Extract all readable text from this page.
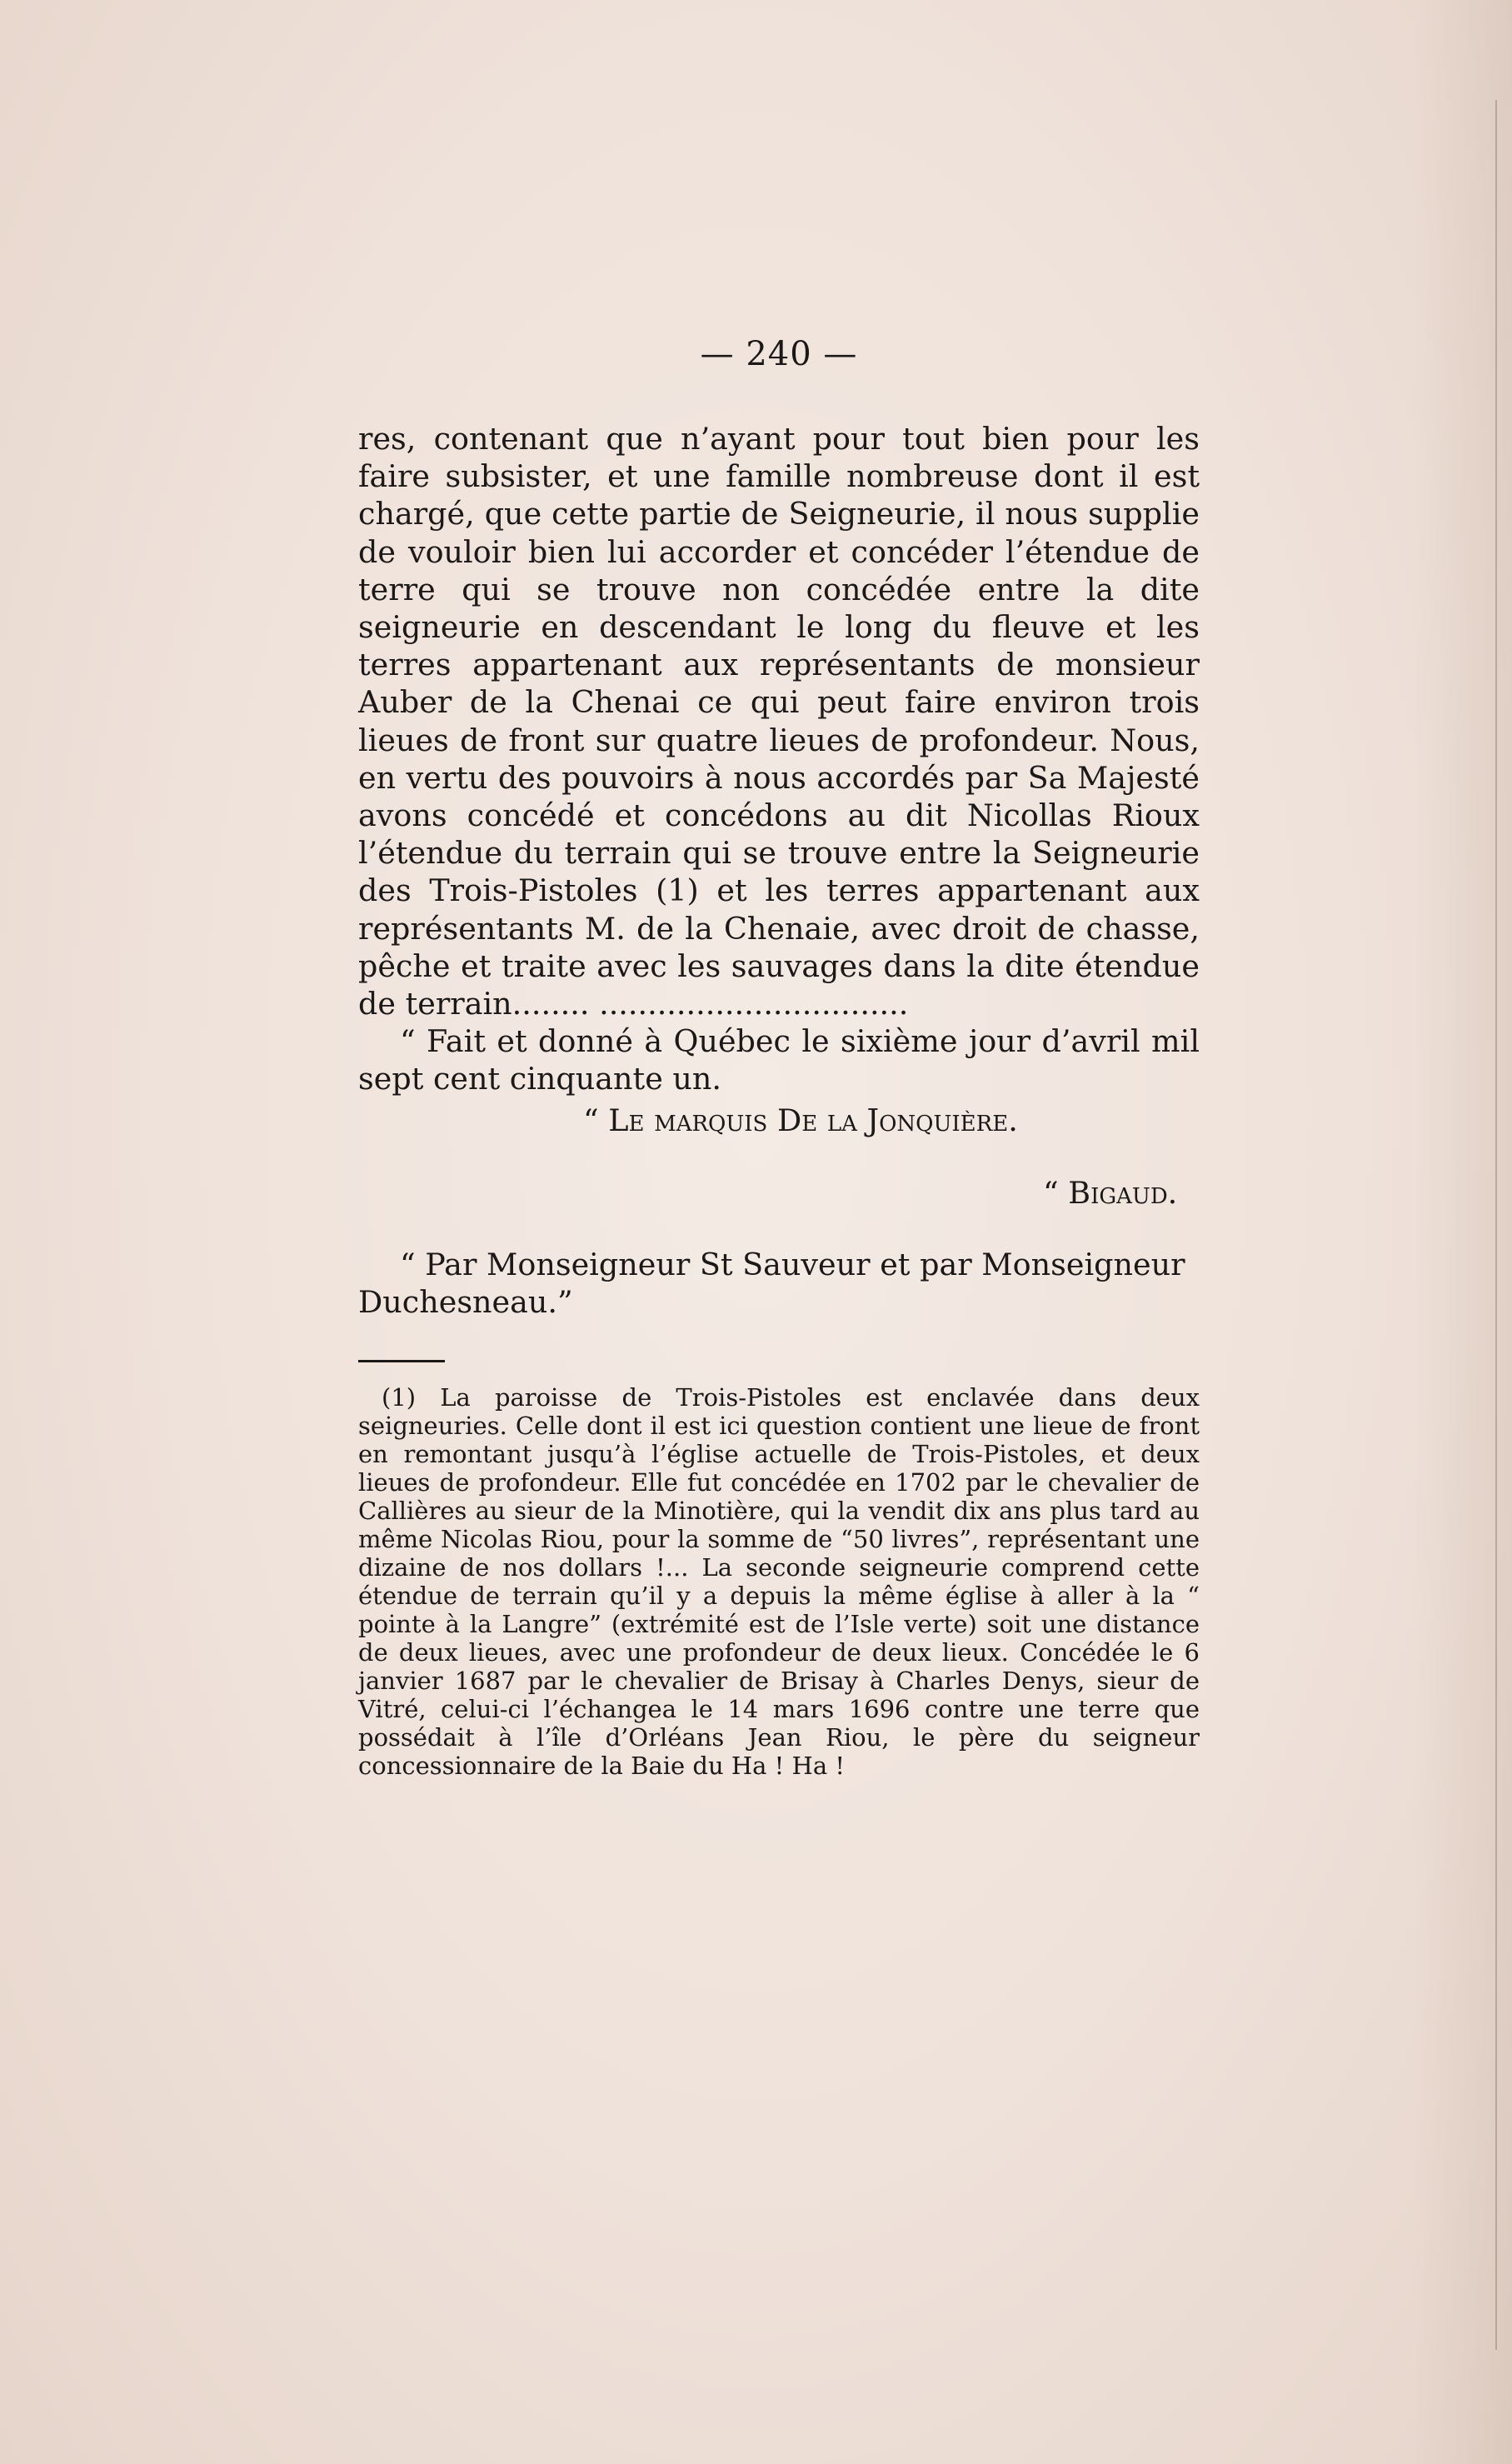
— 240 —

res, contenant que n’ayant pour tout bien pour les faire subsister, et une famille nombreuse dont il est chargé, que cette partie de Seigneurie, il nous supplie de vouloir bien lui accorder et concéder l’étendue de terre qui se trouve non concédée entre la dite seigneurie en descendant le long du fleuve et les terres appartenant aux représentants de monsieur Auber de la Chenai ce qui peut faire environ trois lieues de front sur quatre lieues de profondeur. Nous, en vertu des pouvoirs à nous accordés par Sa Majesté avons concédé et concédons au dit Nicollas Rioux l’étendue du terrain qui se trouve entre la Seigneurie des Trois-Pistoles (1) et les terres appartenant aux représentants M. de la Chenaie, avec droit de chasse, pêche et traite avec les sauvages dans la dite étendue de terrain........ ................................

“ Fait et donné à Québec le sixième jour d’avril mil sept cent cinquante un.

“ Le marquis De la Jonquière.
“ Bigaud.
“ Par Monseigneur St Sauveur et par Monseigneur Duchesneau.”
(1) La paroisse de Trois-Pistoles est enclavée dans deux seigneuries. Celle dont il est ici question contient une lieue de front en remontant jusqu’à l’église actuelle de Trois-Pistoles, et deux lieues de profondeur. Elle fut concédée en 1702 par le chevalier de Callières au sieur de la Minotière, qui la vendit dix ans plus tard au même Nicolas Riou, pour la somme de “50 livres”, représentant une dizaine de nos dollars !... La seconde seigneurie comprend cette étendue de terrain qu’il y a depuis la même église à aller à la “ pointe à la Langre” (extrémité est de l’Isle verte) soit une distance de deux lieues, avec une profondeur de deux lieux. Concédée le 6 janvier 1687 par le chevalier de Brisay à Charles Denys, sieur de Vitré, celui-ci l’échangea le 14 mars 1696 contre une terre que possédait à l’île d’Orléans Jean Riou, le père du seigneur concessionnaire de la Baie du Ha ! Ha !
